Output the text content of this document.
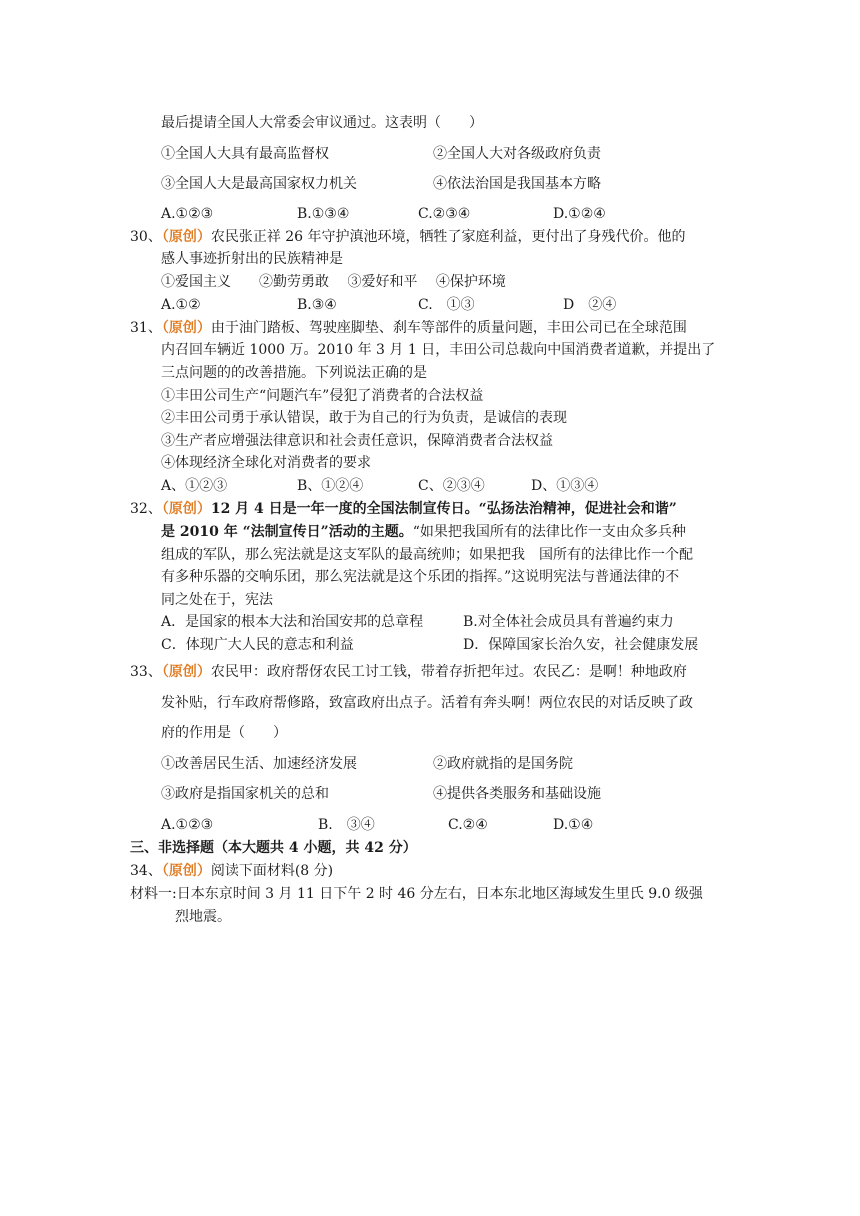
最后提请全国人大常委会审议通过。这表明（　　）
①全国人大具有最高监督权	②全国人大对各级政府负责
③全国人大是最高国家权力机关	④依法治国是我国基本方略
A.①②③	B.①③④	C.②③④	D.①②④
30、（原创）农民张正祥 26 年守护滇池环境，牺牲了家庭利益，更付出了身残代价。他的
感人事迹折射出的民族精神是
①爱国主义　　②勤劳勇敢　 ③爱好和平　 ④保护环境
A.①②	B.③④	C.　①③	D　②④
31、（原创）由于油门踏板、驾驶座脚垫、刹车等部件的质量问题，丰田公司已在全球范围
内召回车辆近 1000 万。2010 年 3 月 1 日，丰田公司总裁向中国消费者道歉，并提出了
三点问题的的改善措施。下列说法正确的是
①丰田公司生产“问题汽车”侵犯了消费者的合法权益
②丰田公司勇于承认错误，敢于为自己的行为负责，是诚信的表现
③生产者应增强法律意识和社会责任意识，保障消费者合法权益
④体现经济全球化对消费者的要求
A、①②③	B、①②④	C、②③④	D、①③④
32、（原创）12 月 4 日是一年一度的全国法制宣传日。“弘扬法治精神，促进社会和谐”
是 2010 年 “法制宣传日”活动的主题。“如果把我国所有的法律比作一支由众多兵种
组成的军队，那么宪法就是这支军队的最高统帅；如果把我　国所有的法律比作一个配
有多种乐器的交响乐团，那么宪法就是这个乐团的指挥。”这说明宪法与普通法律的不
同之处在于，宪法
A．是国家的根本大法和治国安邦的总章程	B.对全体社会成员具有普遍约束力
C．体现广大人民的意志和利益	D．保障国家长治久安，社会健康发展
33、（原创）农民甲：政府帮伢农民工讨工钱，带着存折把年过。农民乙：是啊！种地政府
发补贴，行车政府帮修路，致富政府出点子。活着有奔头啊！两位农民的对话反映了政
府的作用是（　　）
①改善居民生活、加速经济发展	②政府就指的是国务院
③政府是指国家机关的总和	④提供各类服务和基础设施
A.①②③	B.　③④	C.②④	D.①④
三、非选择题（本大题共 4 小题，共 42 分）
34、（原创）阅读下面材料(8 分)
材料一:日本东京时间 3 月 11 日下午 2 时 46 分左右，日本东北地区海域发生里氏 9.0 级强
烈地震。
